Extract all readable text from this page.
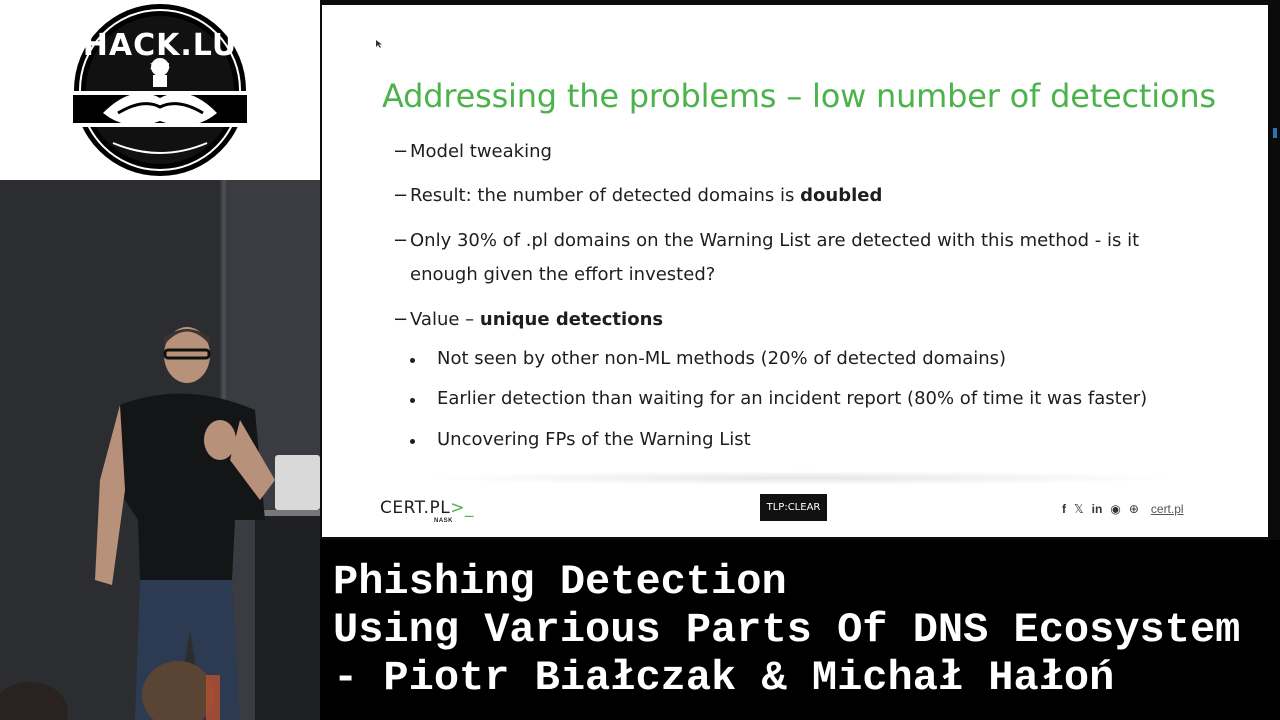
HACK.LU
2024
Addressing the problems – low number of detections
− Model tweaking
− Result: the number of detected domains is doubled
− Only 30% of .pl domains on the Warning List are detected with this method - is it
enough given the effort invested?
− Value – unique detections
Not seen by other non-ML methods (20% of detected domains)
Earlier detection than waiting for an incident report (80% of time it was faster)
Uncovering FPs of the Warning List
CERT.PL>_
NASK
TLP:CLEAR	f 𝕏 in ◉ ⊕ cert.pl
Phishing Detection
Using Various Parts Of DNS Ecosystem
- Piotr Białczak & Michał Hałoń
